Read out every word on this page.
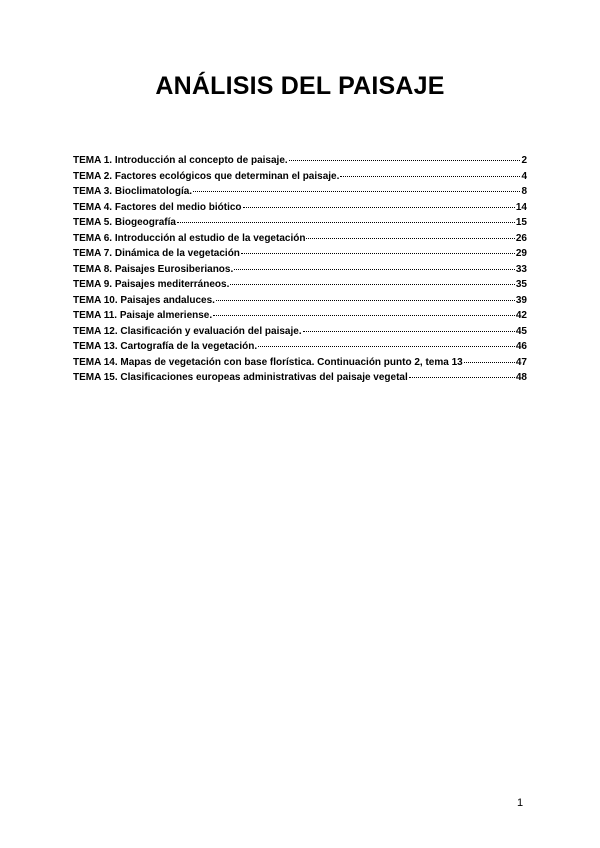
ANÁLISIS DEL PAISAJE
TEMA 1. Introducción al concepto de paisaje.	2
TEMA 2. Factores ecológicos que determinan el paisaje.	4
TEMA 3. Bioclimatología.	8
TEMA 4. Factores del medio biótico	14
TEMA 5. Biogeografía	15
TEMA 6. Introducción al estudio de la vegetación	26
TEMA 7. Dinámica de la vegetación	29
TEMA 8. Paisajes Eurosiberianos.	33
TEMA 9. Paisajes mediterráneos.	35
TEMA 10. Paisajes andaluces.	39
TEMA 11. Paisaje almeriense.	42
TEMA 12. Clasificación y evaluación del paisaje.	45
TEMA 13. Cartografía de la vegetación.	46
TEMA 14. Mapas de vegetación con base florística. Continuación punto 2, tema 13	47
TEMA 15. Clasificaciones europeas administrativas del paisaje vegetal	48

1
